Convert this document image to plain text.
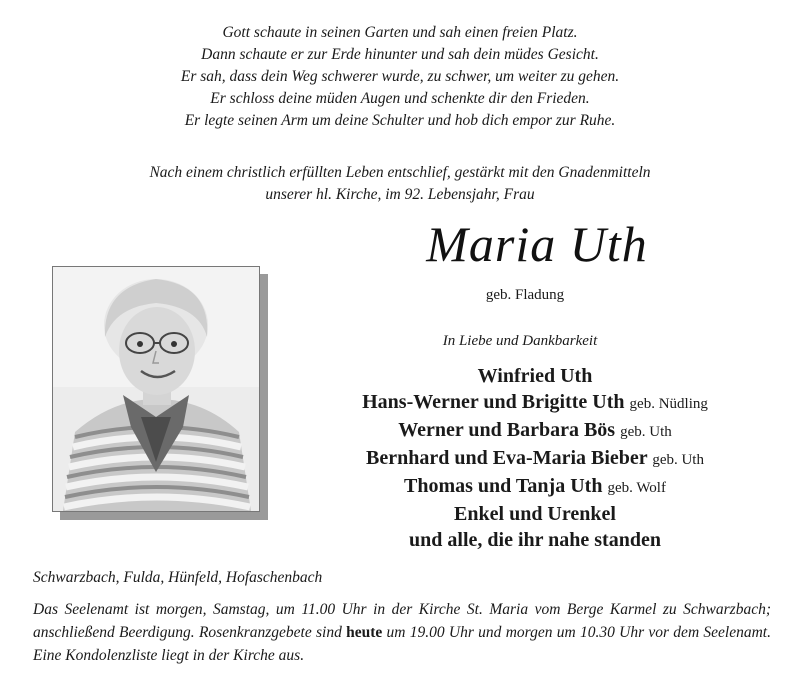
Gott schaute in seinen Garten und sah einen freien Platz.
Dann schaute er zur Erde hinunter und sah dein müdes Gesicht.
Er sah, dass dein Weg schwerer wurde, zu schwer, um weiter zu gehen.
Er schloss deine müden Augen und schenkte dir den Frieden.
Er legte seinen Arm um deine Schulter und hob dich empor zur Ruhe.
Nach einem christlich erfüllten Leben entschlief, gestärkt mit den Gnadenmitteln
unserer hl. Kirche, im 92. Lebensjahr, Frau
Maria Uth
geb. Fladung
In Liebe und Dankbarkeit
Winfried Uth
Hans-Werner und Brigitte Uth geb. Nüdling
Werner und Barbara Bös geb. Uth
Bernhard und Eva-Maria Bieber geb. Uth
Thomas und Tanja Uth geb. Wolf
Enkel und Urenkel
und alle, die ihr nahe standen
Schwarzbach, Fulda, Hünfeld, Hofaschenbach
Das Seelenamt ist morgen, Samstag, um 11.00 Uhr in der Kirche St. Maria vom Berge Karmel zu Schwarzbach; anschließend Beerdigung. Rosenkranzgebete sind heute um 19.00 Uhr und morgen um 10.30 Uhr vor dem Seelenamt. Eine Kondolenzliste liegt in der Kirche aus.
